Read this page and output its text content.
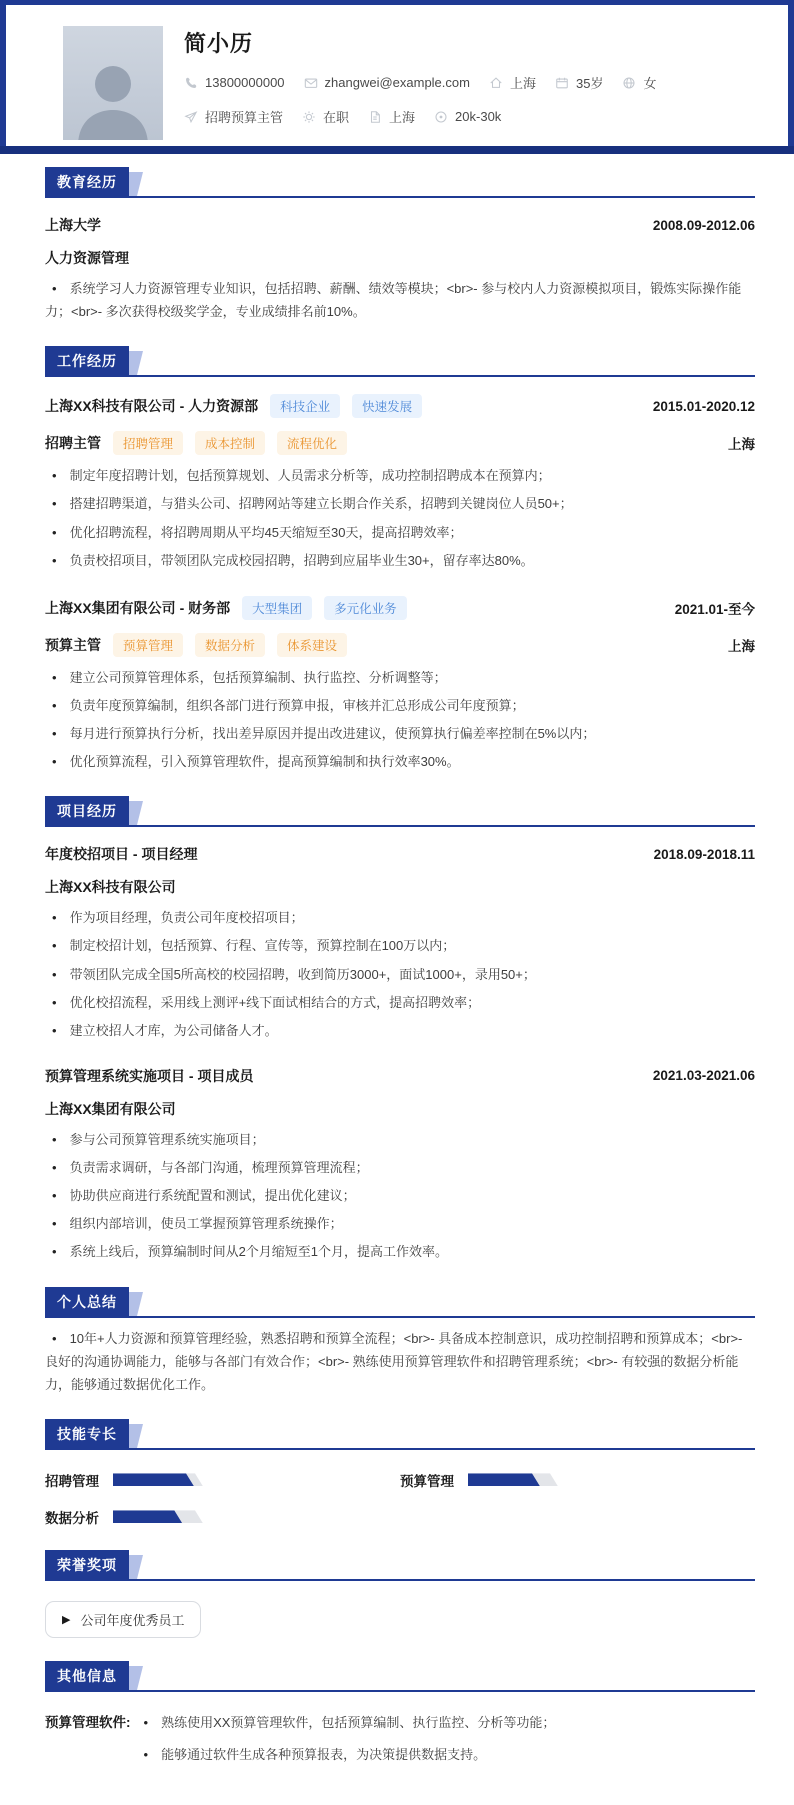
简小历
13800000000	zhangwei@example.com	上海	35岁	女
招聘预算主管	在职	上海	20k-30k
教育经历
上海大学	2008.09-2012.06
人力资源管理
• 系统学习人力资源管理专业知识，包括招聘、薪酬、绩效等模块；<br>- 参与校内人力资源模拟项目，锻炼实际操作能力；<br>- 多次获得校级奖学金，专业成绩排名前10%。
工作经历
上海XX科技有限公司 - 人力资源部	科技企业	快速发展	2015.01-2020.12
招聘主管	招聘管理	成本控制	流程优化	上海
• 制定年度招聘计划，包括预算规划、人员需求分析等，成功控制招聘成本在预算内；
• 搭建招聘渠道，与猎头公司、招聘网站等建立长期合作关系，招聘到关键岗位人员50+；
• 优化招聘流程，将招聘周期从平均45天缩短至30天，提高招聘效率；
• 负责校招项目，带领团队完成校园招聘，招聘到应届毕业生30+，留存率达80%。
上海XX集团有限公司 - 财务部	大型集团	多元化业务	2021.01-至今
预算主管	预算管理	数据分析	体系建设	上海
• 建立公司预算管理体系，包括预算编制、执行监控、分析调整等；
• 负责年度预算编制，组织各部门进行预算申报，审核并汇总形成公司年度预算；
• 每月进行预算执行分析，找出差异原因并提出改进建议，使预算执行偏差率控制在5%以内；
• 优化预算流程，引入预算管理软件，提高预算编制和执行效率30%。
项目经历
年度校招项目 - 项目经理	2018.09-2018.11
上海XX科技有限公司
• 作为项目经理，负责公司年度校招项目；
• 制定校招计划，包括预算、行程、宣传等，预算控制在100万以内；
• 带领团队完成全国5所高校的校园招聘，收到简历3000+，面试1000+，录用50+；
• 优化校招流程，采用线上测评+线下面试相结合的方式，提高招聘效率；
• 建立校招人才库，为公司储备人才。
预算管理系统实施项目 - 项目成员	2021.03-2021.06
上海XX集团有限公司
• 参与公司预算管理系统实施项目；
• 负责需求调研，与各部门沟通，梳理预算管理流程；
• 协助供应商进行系统配置和测试，提出优化建议；
• 组织内部培训，使员工掌握预算管理系统操作；
• 系统上线后，预算编制时间从2个月缩短至1个月，提高工作效率。
个人总结
• 10年+人力资源和预算管理经验，熟悉招聘和预算全流程；<br>- 具备成本控制意识，成功控制招聘和预算成本；<br>- 良好的沟通协调能力，能够与各部门有效合作；<br>- 熟练使用预算管理软件和招聘管理系统；<br>- 有较强的数据分析能力，能够通过数据优化工作。
技能专长
招聘管理	预算管理
数据分析
荣誉奖项
▶ 公司年度优秀员工
其他信息
预算管理软件:	• 熟练使用XX预算管理软件，包括预算编制、执行监控、分析等功能；
• 能够通过软件生成各种预算报表，为决策提供数据支持。
